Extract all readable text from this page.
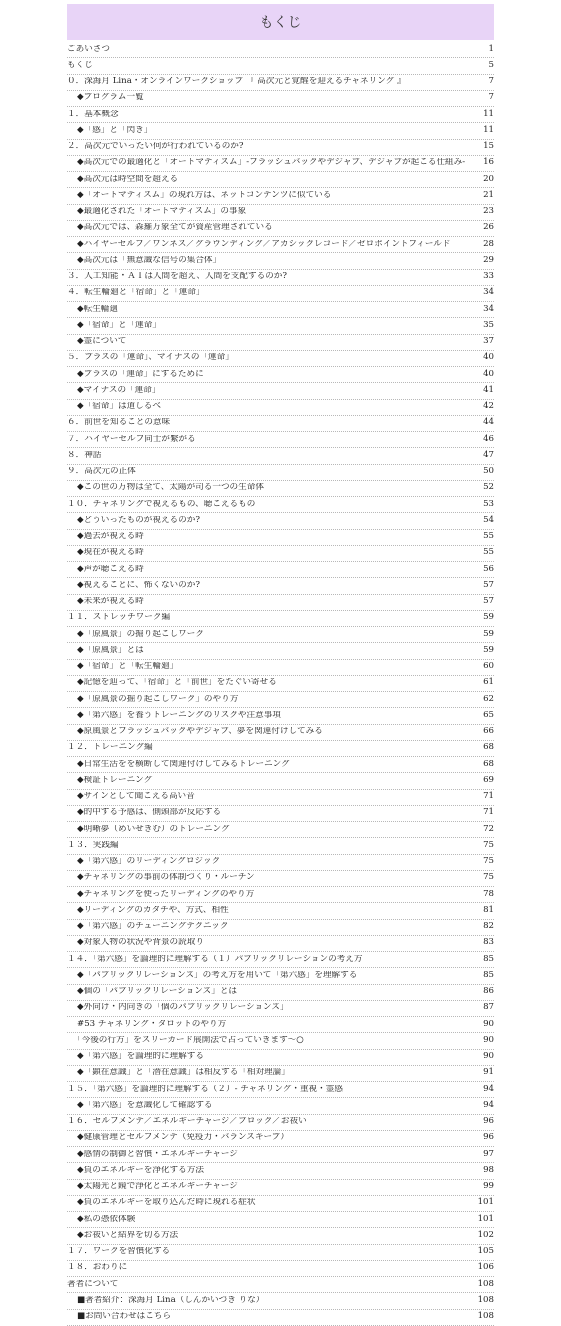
もくじ
ごあいさつ	1
もくじ	5
０．深海月 Lina・オンラインワークショップ 『 高次元と覚醒を迎えるチャネリング 』	7
◆プログラム一覧	7
１．基本概念	11
◆「感」と「閃き」	11
２．高次元でいったい何が行われているのか?	15
◆高次元での最適化と「オートマティスム」-フラッシュバックやデジャブ、デジャブが起こる仕組み-	16
◆高次元は時空間を超える	20
◆「オートマティスム」の現れ方は、ネットコンテンツに似ている	21
◆最適化された「オートマティスム」の事象	23
◆高次元では、森羅万象全てが資産管理されている	26
◆ハイヤーセルフ／ワンネス／グラウンディング／アカシックレコード／ゼロポイントフィールド	28
◆高次元は「無意識な信号の集合体」	29
３．人工知能・ＡＩは人間を超え、人間を支配するのか?	33
４．転生輪廻と「宿命」と「運命」	34
◆転生輪廻	34
◆「宿命」と「運命」	35
◆霊について	37
５．プラスの「運命」、マイナスの「運命」	40
◆プラスの「運命」にするために	40
◆マイナスの「運命」	41
◆「宿命」は道しるべ	42
６．前世を知ることの意味	44
７．ハイヤーセルフ同士が繋がる	46
８．神話	47
９．高次元の正体	50
◆この世の万物は全て、太陽が司る一つの生命体	52
１０．チャネリングで視えるもの、聴こえるもの	53
◆どういったものが視えるのか?	54
◆過去が視える時	55
◆現在が視える時	55
◆声が聴こえる時	56
◆視えることに、怖くないのか?	57
◆未来が視える時	57
１１．ストレッチワーク編	59
◆「原風景」の掘り起こしワーク	59
◆「原風景」とは	59
◆「宿命」と「転生輪廻」	60
◆記憶を辿って、「宿命」と「前世」をたぐい寄せる	61
◆「原風景の掘り起こしワーク」のやり方	62
◆「第六感」を養うトレーニングのリスクや注意事項	65
◆原風景とフラッシュバックやデジャブ、夢を関連付けしてみる	66
１２．トレーニング編	68
◆日常生活をを横断して関連付けしてみるトレーニング	68
◆検証トレーニング	69
◆サインとして聞こえる高い音	71
◆的中する予感は、側頭部が反応する	71
◆明晰夢（めいせきむ）のトレーニング	72
１３．実践編	75
◆「第六感」のリーディングロジック	75
◆チャネリングの事前の体制づくり・ルーチン	75
◆チャネリングを使ったリーディングのやり方	78
◆リーディングのカタチや、方式、相性	81
◆「第六感」のチューニングテクニック	82
◆対象人物の状況や背景の読取り	83
１４．「第六感」を論理的に理解する（１）パブリックリレーションの考え方	85
◆「パブリックリレーションズ」の考え方を用いて「第六感」を理解する	85
◆個の「パブリックリレーションズ」とは	86
◆外向け・内向きの「個のパブリックリレーションズ」	87
#53 チャネリング・タロットのやり方	90
「今後の行方」をスリーカード展開法で占っていきます～○	90
◆「第六感」を論理的に理解する	90
◆「顕在意識」と「潜在意識」は相反する「相対理論」	91
１５．「第六感」を論理的に理解する（２）- チャネリング・重視・霊感	94
◆「第六感」を意識化して確認する	94
１６．セルフメンテ／エネルギーチャージ／ブロック／お祓い	96
◆健康管理とセルフメンテ（免疫力・バランスキープ）	96
◆感情の制御と習慣・エネルギーチャージ	97
◆負のエネルギーを浄化する方法	98
◆太陽光と鏡で浄化とエネルギーチャージ	99
◆負のエネルギーを取り込んだ時に現れる症状	101
◆私の憑依体験	101
◆お祓いと結界を切る方法	102
１７．ワークを習慣化する	105
１８．おわりに	106
著者について	108
■著者紹介：深海月 Lina（しんかいづき りな）	108
■お問い合わせはこちら	108
